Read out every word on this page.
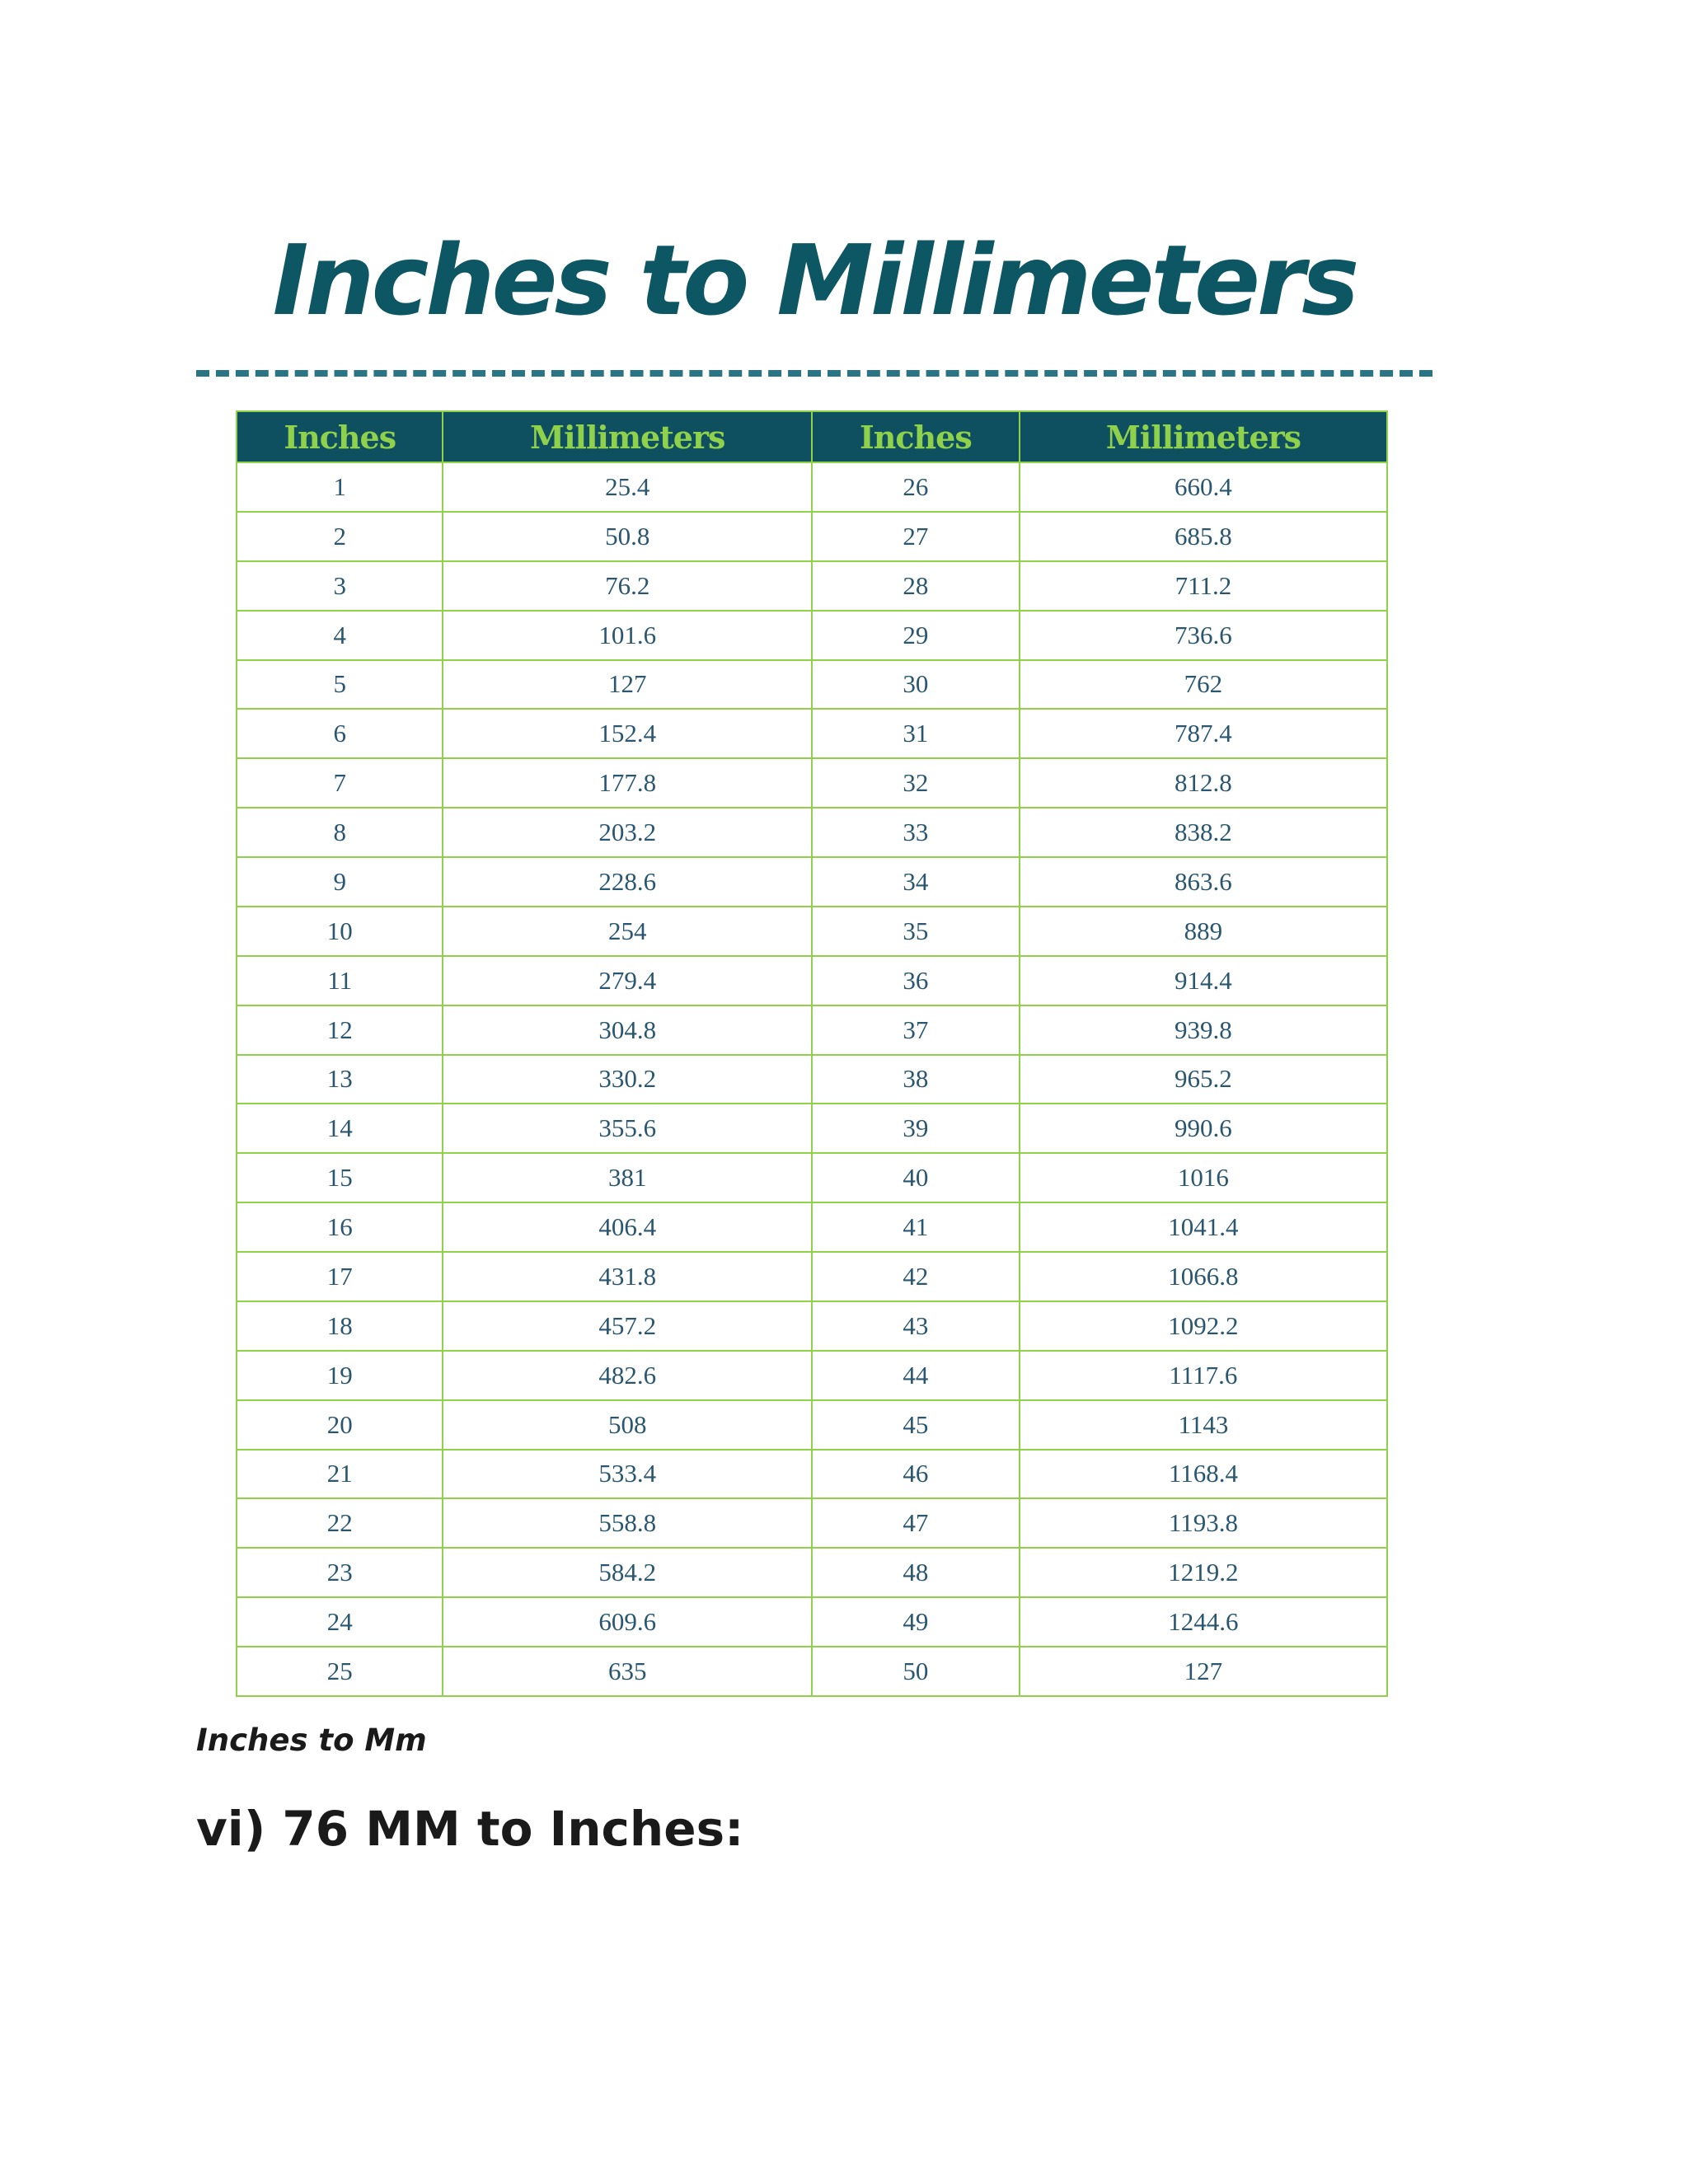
Inches to Millimeters
Inches	Millimeters	Inches	Millimeters
1	25.4	26	660.4
2	50.8	27	685.8
3	76.2	28	711.2
4	101.6	29	736.6
5	127	30	762
6	152.4	31	787.4
7	177.8	32	812.8
8	203.2	33	838.2
9	228.6	34	863.6
10	254	35	889
11	279.4	36	914.4
12	304.8	37	939.8
13	330.2	38	965.2
14	355.6	39	990.6
15	381	40	1016
16	406.4	41	1041.4
17	431.8	42	1066.8
18	457.2	43	1092.2
19	482.6	44	1117.6
20	508	45	1143
21	533.4	46	1168.4
22	558.8	47	1193.8
23	584.2	48	1219.2
24	609.6	49	1244.6
25	635	50	127

Inches to Mm

vi) 76 MM to Inches:
